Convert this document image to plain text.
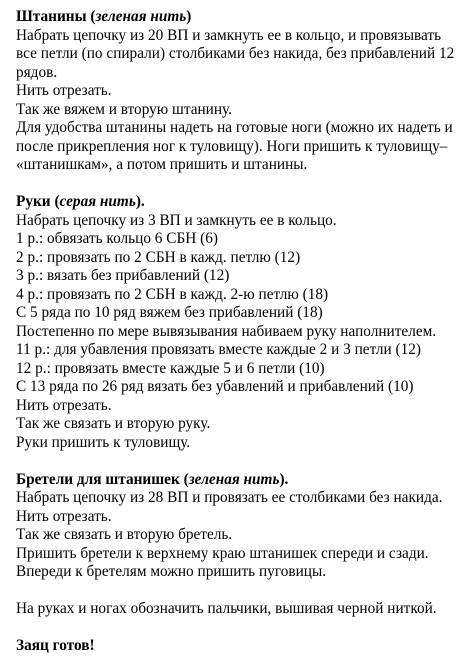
Штанины (зеленая нить)
Набрать цепочку из 20 ВП и замкнуть ее в кольцо, и провязывать
все петли (по спирали) столбиками без накида, без прибавлений 12
рядов.
Нить отрезать.
Так же вяжем и вторую штанину.
Для удобства штанины надеть на готовые ноги (можно их надеть и
после прикрепления ног к туловищу). Ноги пришить к туловищу–
«штанишкам», а потом пришить и штанины.
Руки (серая нить).
Набрать цепочку из 3 ВП и замкнуть ее в кольцо.
1 р.: обвязать кольцо 6 СБН (6)
2 р.: провязать по 2 СБН в кажд. петлю (12)
3 р.: вязать без прибавлений (12)
4 р.: провязать по 2 СБН в кажд. 2-ю петлю (18)
С 5 ряда по 10 ряд вяжем без прибавлений (18)
Постепенно по мере вывязывания набиваем руку наполнителем.
11 р.: для убавления провязать вместе каждые 2 и 3 петли (12)
12 р.: провязать вместе каждые 5 и 6 петли (10)
С 13 ряда по 26 ряд вязать без убавлений и прибавлений (10)
Нить отрезать.
Так же связать и вторую руку.
Руки пришить к туловищу.
Бретели для штанишек (зеленая нить).
Набрать цепочку из 28 ВП и провязать ее столбиками без накида.
Нить отрезать.
Так же связать и вторую бретель.
Пришить бретели к верхнему краю штанишек спереди и сзади.
Впереди к бретелям можно пришить пуговицы.
На руках и ногах обозначить пальчики, вышивая черной ниткой.
Заяц готов!
